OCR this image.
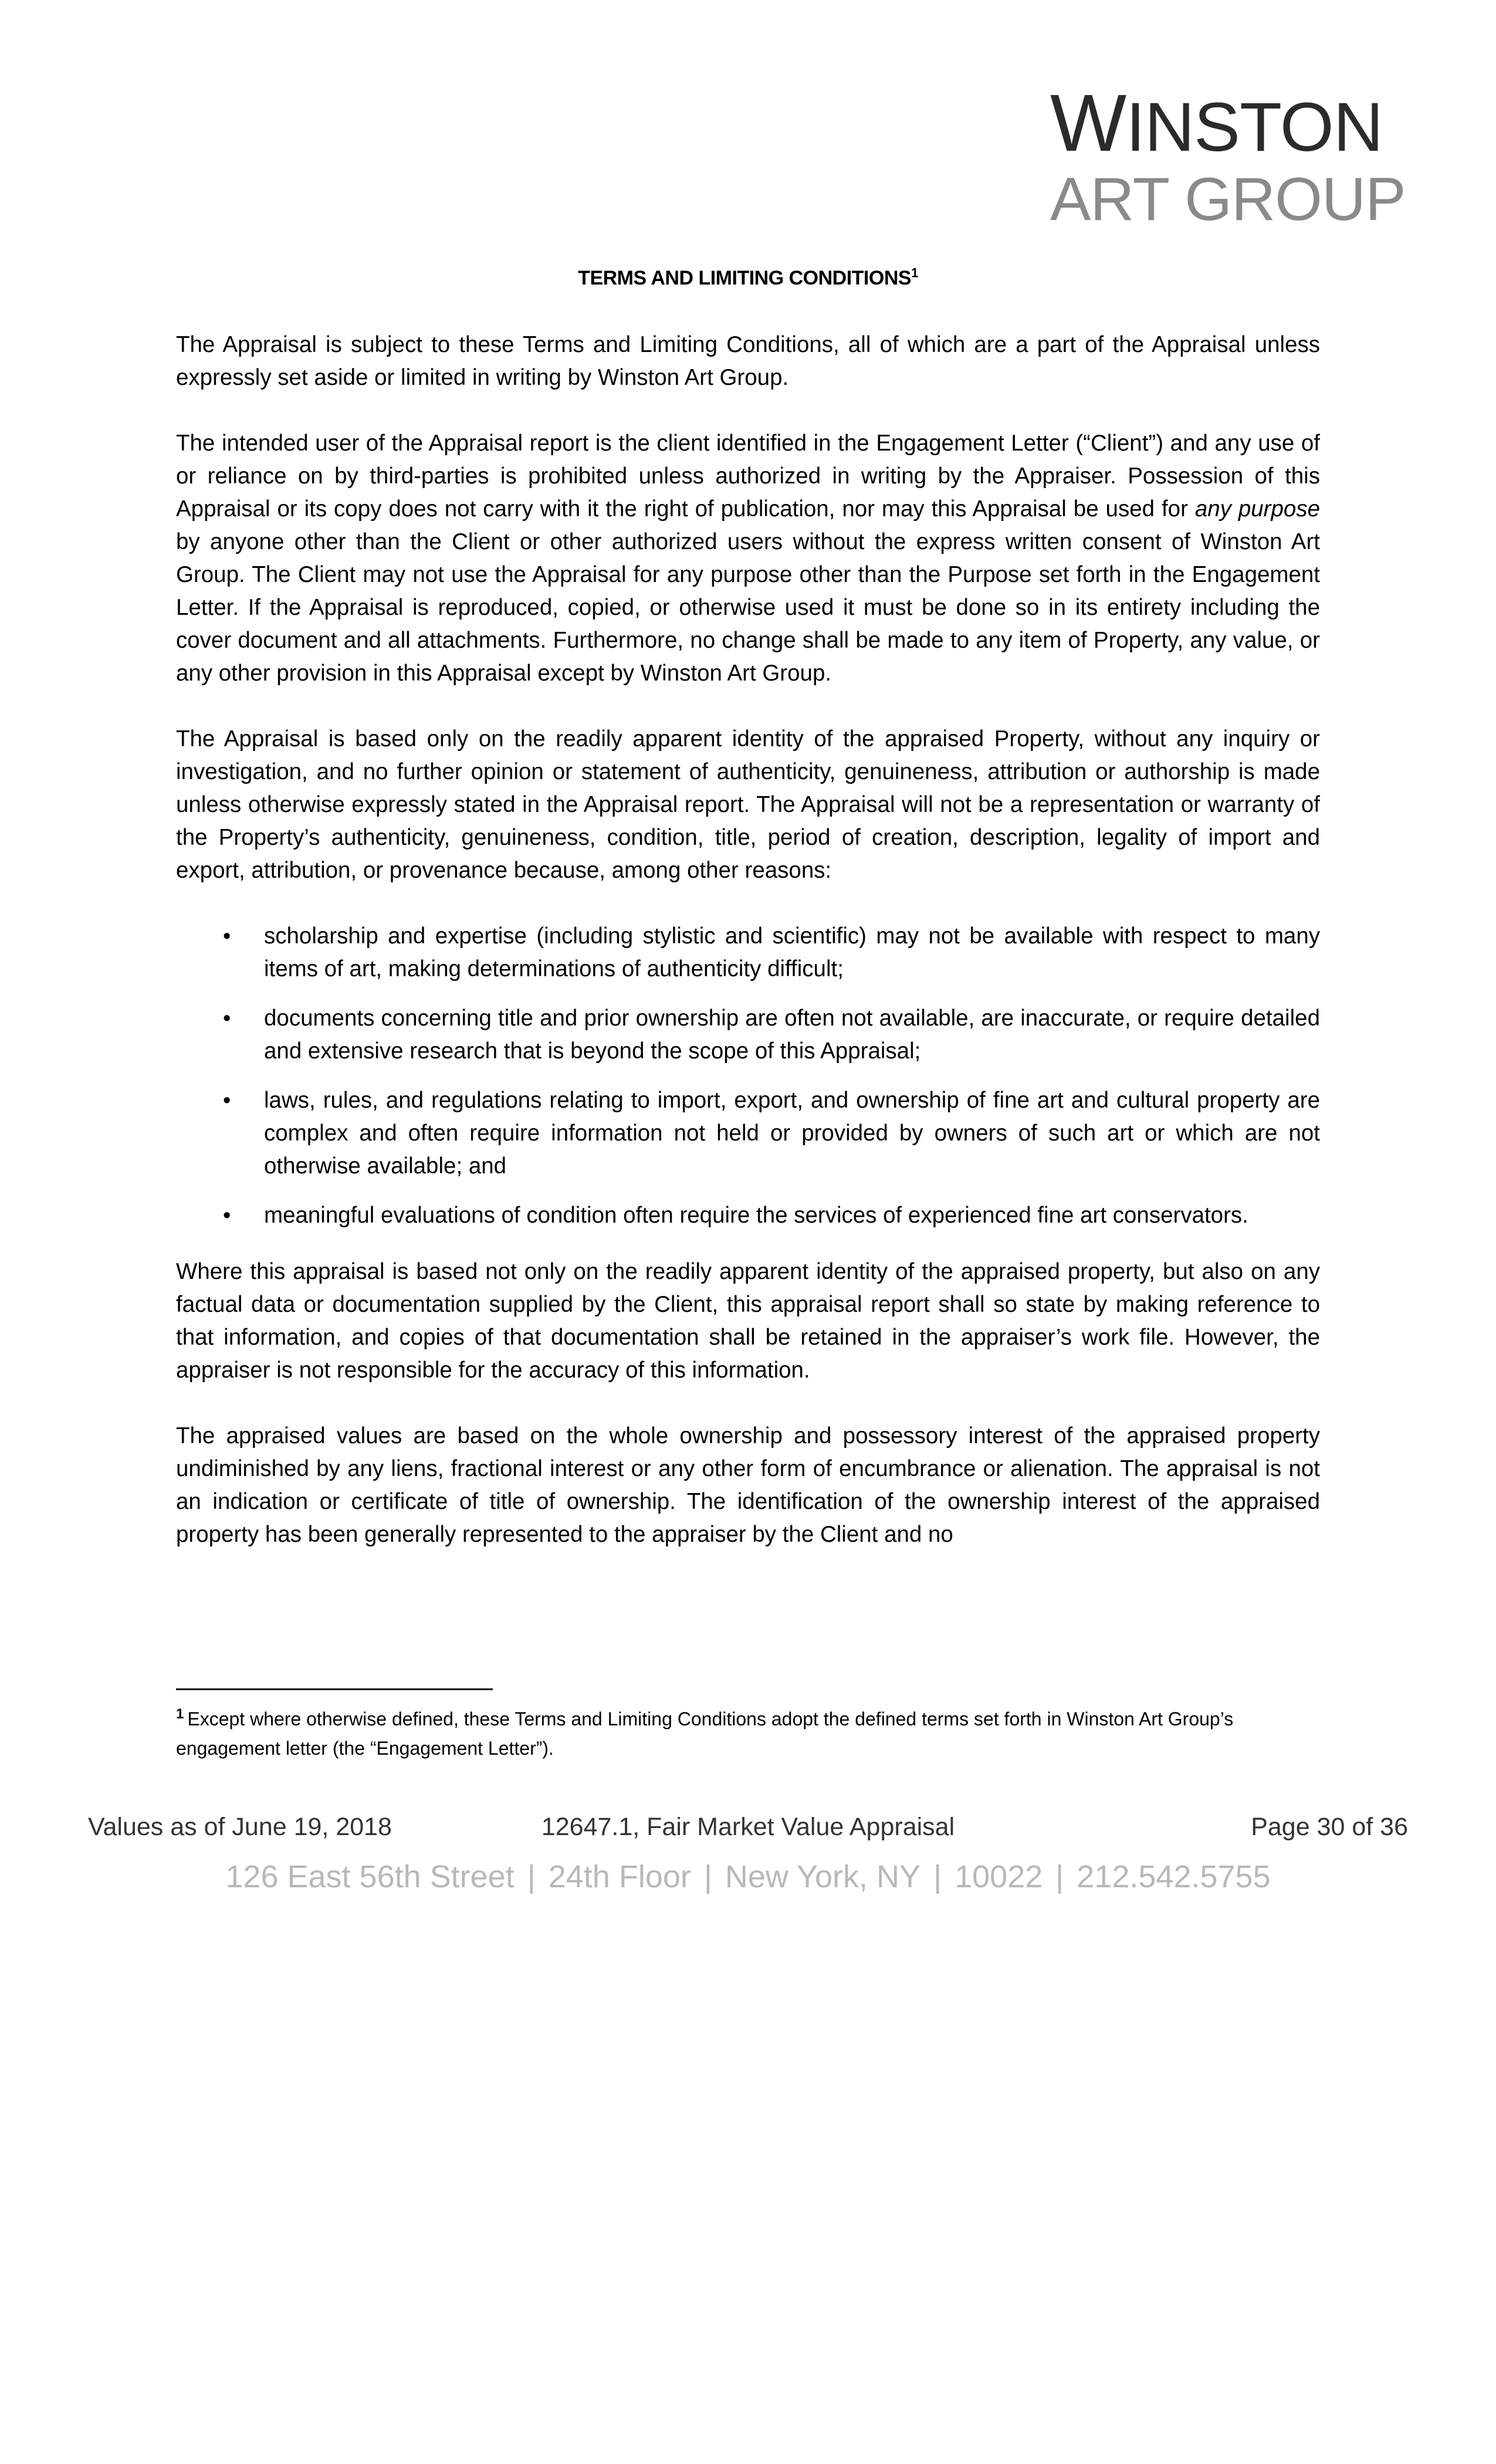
WINSTON
ART GROUP
TERMS AND LIMITING CONDITIONS$^1$

The Appraisal is subject to these Terms and Limiting Conditions, all of which are a part of the Appraisal unless expressly set aside or limited in writing by Winston Art Group.

The intended user of the Appraisal report is the client identified in the Engagement Letter (“Client”) and any use of or reliance on by third-parties is prohibited unless authorized in writing by the Appraiser. Possession of this Appraisal or its copy does not carry with it the right of publication, nor may this Appraisal be used for any purpose by anyone other than the Client or other authorized users without the express written consent of Winston Art Group. The Client may not use the Appraisal for any purpose other than the Purpose set forth in the Engagement Letter. If the Appraisal is reproduced, copied, or otherwise used it must be done so in its entirety including the cover document and all attachments. Furthermore, no change shall be made to any item of Property, any value, or any other provision in this Appraisal except by Winston Art Group.

The Appraisal is based only on the readily apparent identity of the appraised Property, without any inquiry or investigation, and no further opinion or statement of authenticity, genuineness, attribution or authorship is made unless otherwise expressly stated in the Appraisal report. The Appraisal will not be a representation or warranty of the Property’s authenticity, genuineness, condition, title, period of creation, description, legality of import and export, attribution, or provenance because, among other reasons:

• scholarship and expertise (including stylistic and scientific) may not be available with respect to many items of art, making determinations of authenticity difficult;
• documents concerning title and prior ownership are often not available, are inaccurate, or require detailed and extensive research that is beyond the scope of this Appraisal;
• laws, rules, and regulations relating to import, export, and ownership of fine art and cultural property are complex and often require information not held or provided by owners of such art or which are not otherwise available; and
• meaningful evaluations of condition often require the services of experienced fine art conservators.

Where this appraisal is based not only on the readily apparent identity of the appraised property, but also on any factual data or documentation supplied by the Client, this appraisal report shall so state by making reference to that information, and copies of that documentation shall be retained in the appraiser’s work file. However, the appraiser is not responsible for the accuracy of this information.

The appraised values are based on the whole ownership and possessory interest of the appraised property undiminished by any liens, fractional interest or any other form of encumbrance or alienation. The appraisal is not an indication or certificate of title of ownership. The identification of the ownership interest of the appraised property has been generally represented to the appraiser by the Client and no

$^1$ Except where otherwise defined, these Terms and Limiting Conditions adopt the defined terms set forth in Winston Art Group’s engagement letter (the “Engagement Letter”).
Values as of June 19, 2018	12647.1, Fair Market Value Appraisal	Page 30 of 36
126 East 56th Street | 24th Floor | New York, NY | 10022 | 212.542.5755
